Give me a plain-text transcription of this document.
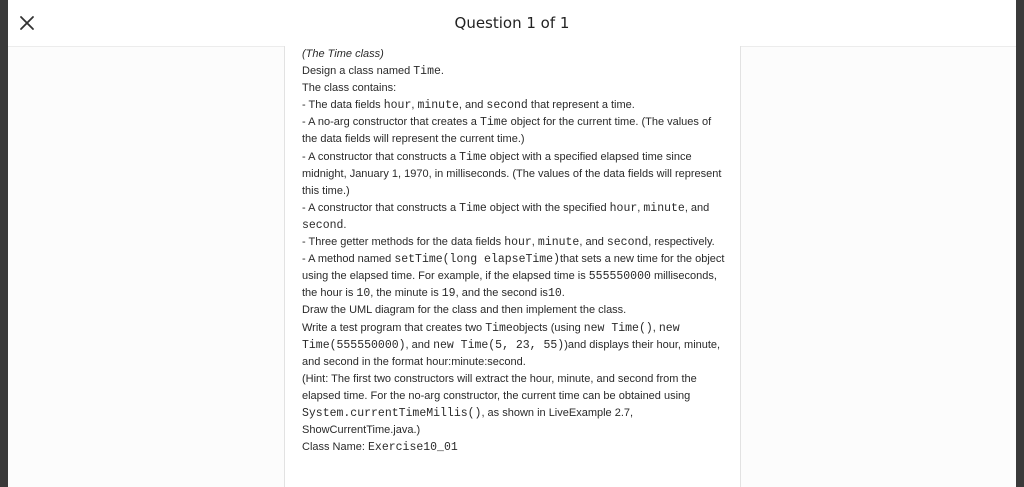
Question 1 of 1

(The Time class)

Design a class named Time.

The class contains:

- The data fields hour, minute, and second that represent a time.

- A no-arg constructor that creates a Time object for the current time. (The values of the data fields will represent the current time.)

- A constructor that constructs a Time object with a specified elapsed time since midnight, January 1, 1970, in milliseconds. (The values of the data fields will represent this time.)

- A constructor that constructs a Time object with the specified hour, minute, and second.

- Three getter methods for the data fields hour, minute, and second, respectively.

- A method named setTime(long elapseTime)that sets a new time for the object using the elapsed time. For example, if the elapsed time is 555550000 milliseconds, the hour is 10, the minute is 19, and the second is10.

Draw the UML diagram for the class and then implement the class.

Write a test program that creates two Timeobjects (using new Time(), new Time(555550000), and new Time(5, 23, 55))and displays their hour, minute, and second in the format hour:minute:second.

(Hint: The first two constructors will extract the hour, minute, and second from the elapsed time. For the no-arg constructor, the current time can be obtained using System.currentTimeMillis(), as shown in LiveExample 2.7, ShowCurrentTime.java.)

Class Name: Exercise10_01
